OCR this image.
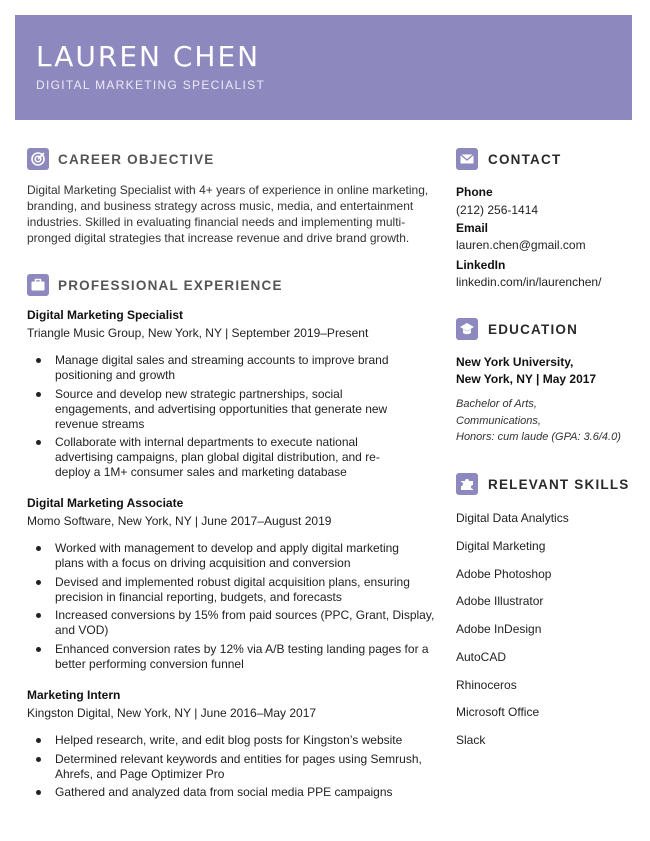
LAUREN CHEN
DIGITAL MARKETING SPECIALIST
CAREER OBJECTIVE
Digital Marketing Specialist with 4+ years of experience in online marketing,
branding, and business strategy across music, media, and entertainment
industries. Skilled in evaluating financial needs and implementing multi-
pronged digital strategies that increase revenue and drive brand growth.
PROFESSIONAL EXPERIENCE
Digital Marketing Specialist
Triangle Music Group, New York, NY | September 2019–Present
Manage digital sales and streaming accounts to improve brand
positioning and growth
Source and develop new strategic partnerships, social
engagements, and advertising opportunities that generate new
revenue streams
Collaborate with internal departments to execute national
advertising campaigns, plan global digital distribution, and re-
deploy a 1M+ consumer sales and marketing database
Digital Marketing Associate
Momo Software, New York, NY | June 2017–August 2019
Worked with management to develop and apply digital marketing
plans with a focus on driving acquisition and conversion
Devised and implemented robust digital acquisition plans, ensuring
precision in financial reporting, budgets, and forecasts
Increased conversions by 15% from paid sources (PPC, Grant, Display,
and VOD)
Enhanced conversion rates by 12% via A/B testing landing pages for a
better performing conversion funnel
Marketing Intern
Kingston Digital, New York, NY | June 2016–May 2017
Helped research, write, and edit blog posts for Kingston’s website
Determined relevant keywords and entities for pages using Semrush,
Ahrefs, and Page Optimizer Pro
Gathered and analyzed data from social media PPE campaigns
CONTACT
Phone
(212) 256-1414
Email
lauren.chen@gmail.com
LinkedIn
linkedin.com/in/laurenchen/
EDUCATION
New York University,
New York, NY | May 2017
Bachelor of Arts,
Communications,
Honors: cum laude (GPA: 3.6/4.0)
RELEVANT SKILLS
Digital Data Analytics
Digital Marketing
Adobe Photoshop
Adobe Illustrator
Adobe InDesign
AutoCAD
Rhinoceros
Microsoft Office
Slack
